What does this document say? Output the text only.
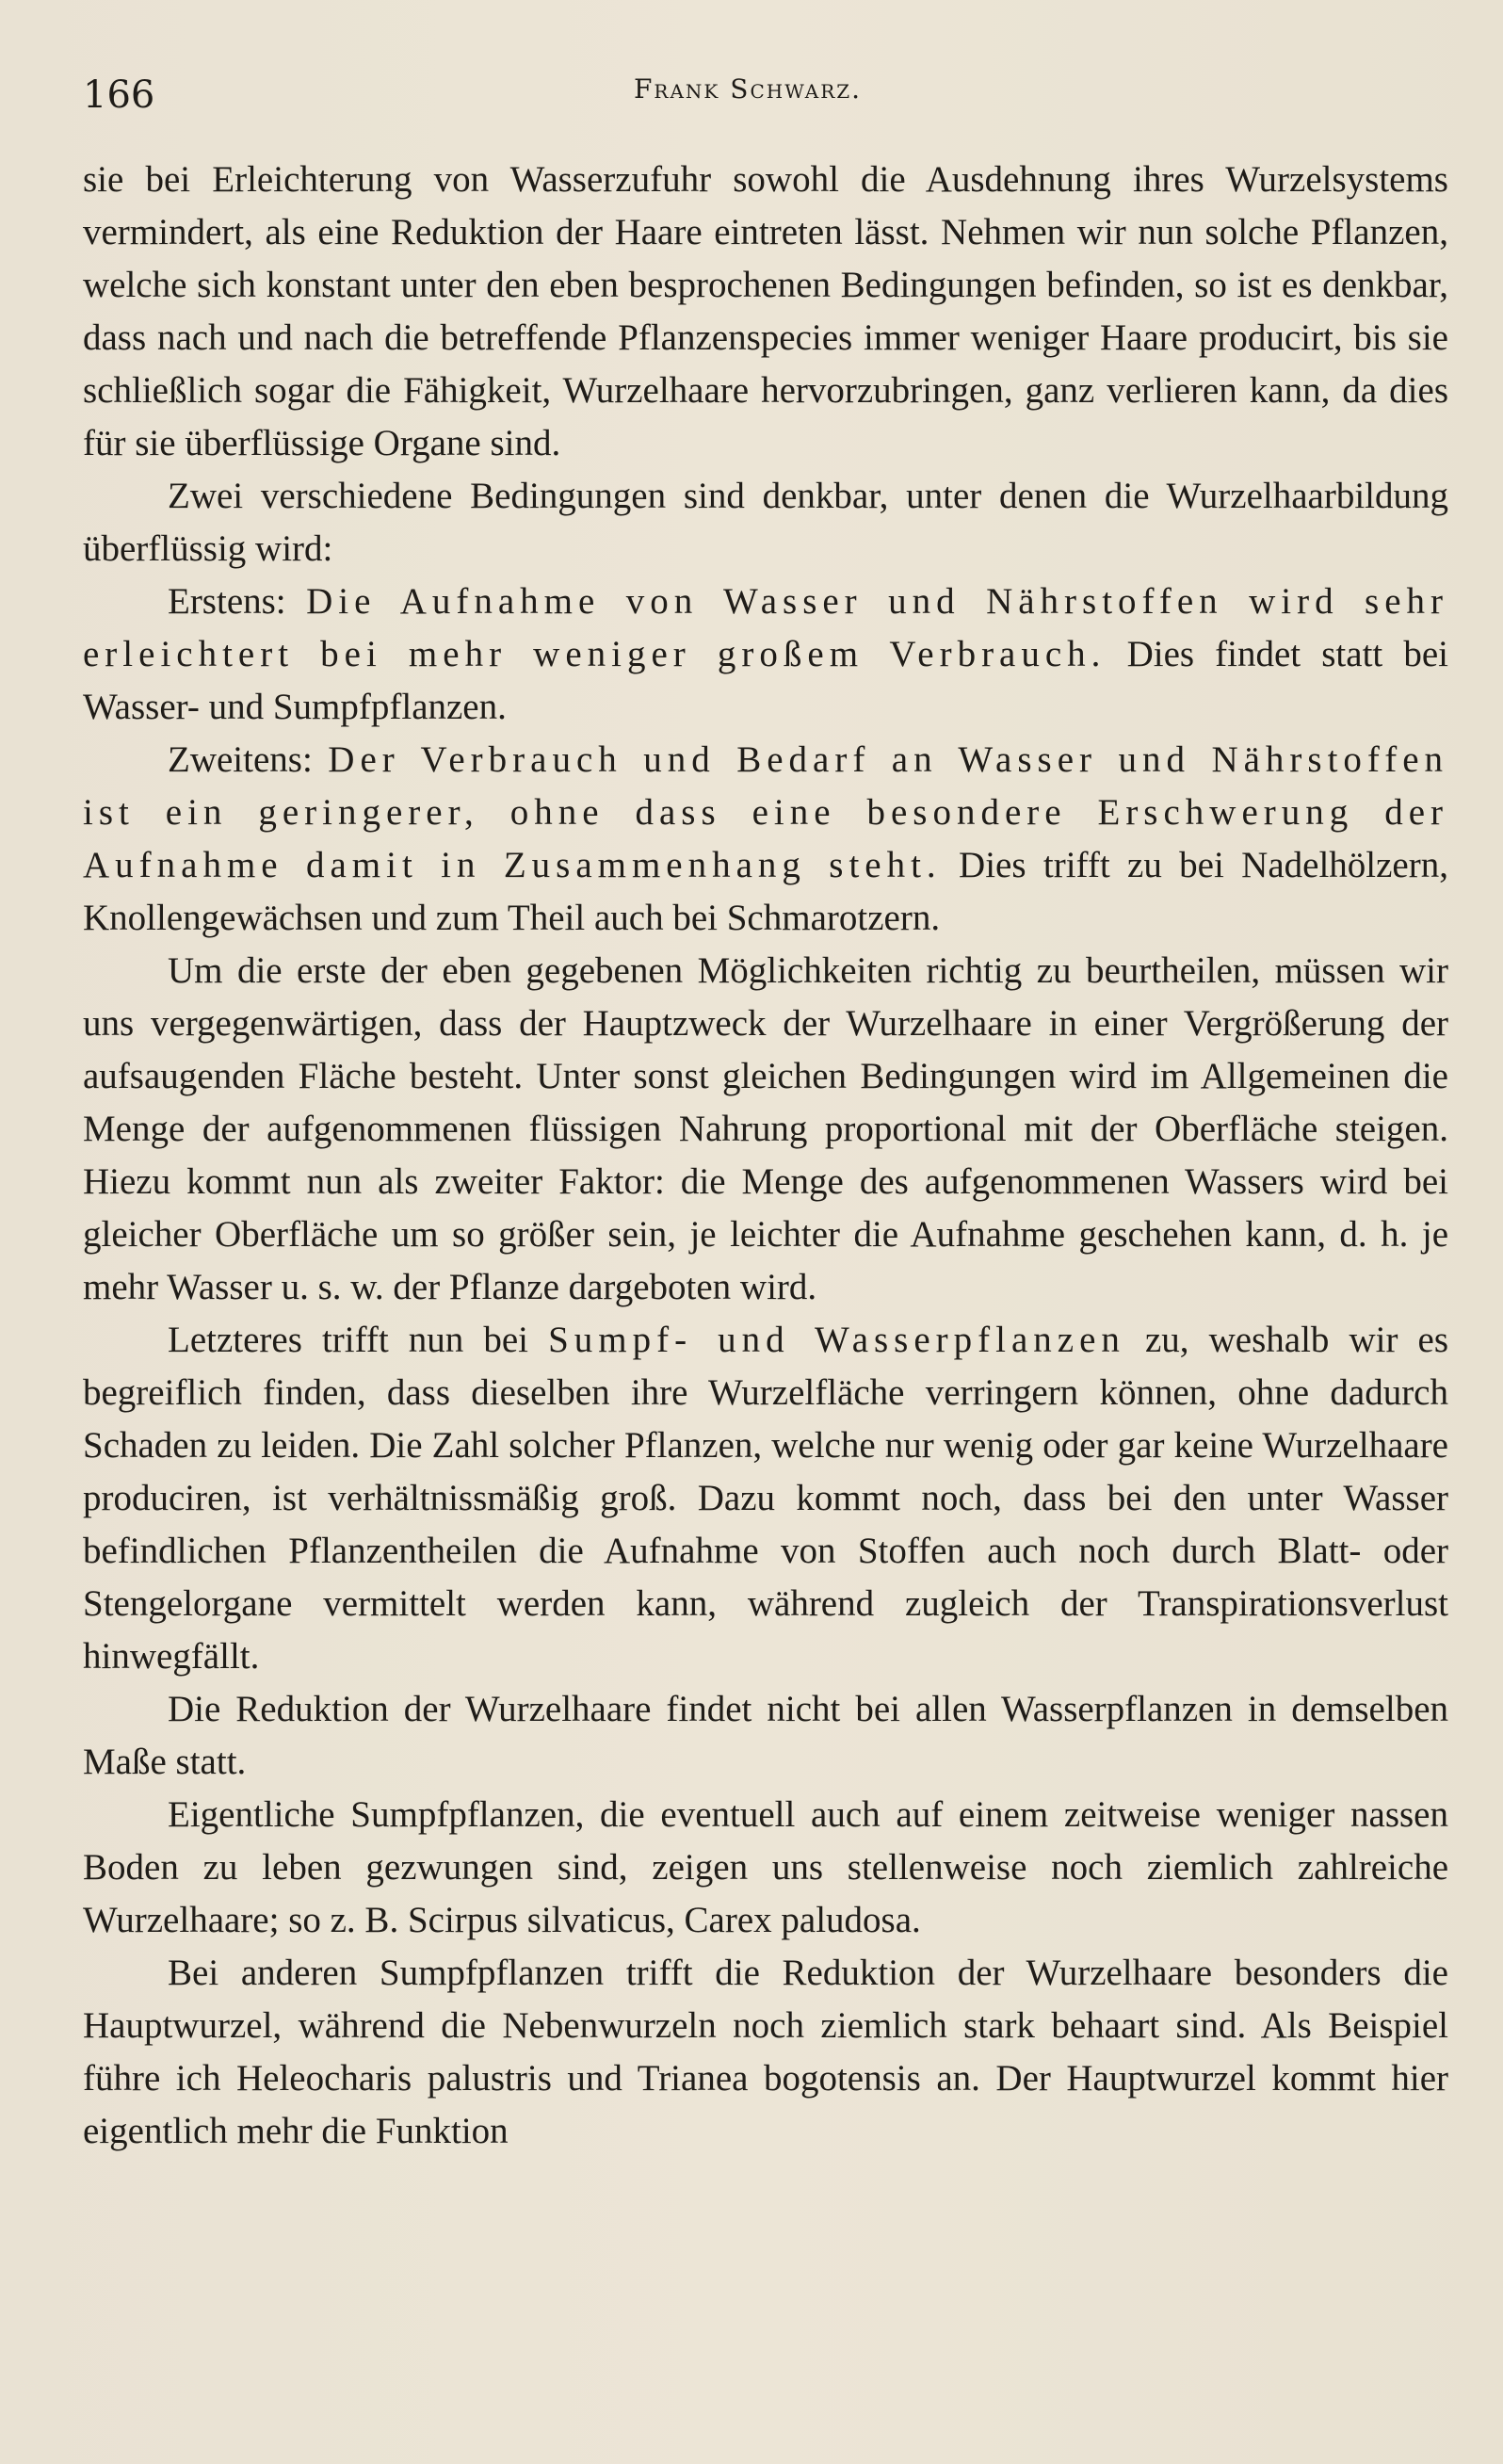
166	Frank Schwarz.

sie bei Erleichterung von Wasserzufuhr sowohl die Ausdehnung ihres Wurzelsystems vermindert, als eine Reduktion der Haare eintreten lässt. Nehmen wir nun solche Pflanzen, welche sich konstant unter den eben besprochenen Bedingungen befinden, so ist es denkbar, dass nach und nach die betreffende Pflanzenspecies immer weniger Haare producirt, bis sie schließlich sogar die Fähigkeit, Wurzelhaare hervorzubringen, ganz verlieren kann, da dies für sie überflüssige Organe sind.

Zwei verschiedene Bedingungen sind denkbar, unter denen die Wurzelhaarbildung überflüssig wird:

Erstens: Die Aufnahme von Wasser und Nährstoffen wird sehr erleichtert bei mehr weniger großem Verbrauch. Dies findet statt bei Wasser- und Sumpfpflanzen.

Zweitens: Der Verbrauch und Bedarf an Wasser und Nährstoffen ist ein geringerer, ohne dass eine besondere Erschwerung der Aufnahme damit in Zusammenhang steht. Dies trifft zu bei Nadelhölzern, Knollengewächsen und zum Theil auch bei Schmarotzern.

Um die erste der eben gegebenen Möglichkeiten richtig zu beurtheilen, müssen wir uns vergegenwärtigen, dass der Hauptzweck der Wurzelhaare in einer Vergrößerung der aufsaugenden Fläche besteht. Unter sonst gleichen Bedingungen wird im Allgemeinen die Menge der aufgenommenen flüssigen Nahrung proportional mit der Oberfläche steigen. Hiezu kommt nun als zweiter Faktor: die Menge des aufgenommenen Wassers wird bei gleicher Oberfläche um so größer sein, je leichter die Aufnahme geschehen kann, d. h. je mehr Wasser u. s. w. der Pflanze dargeboten wird.

Letzteres trifft nun bei Sumpf- und Wasserpflanzen zu, weshalb wir es begreiflich finden, dass dieselben ihre Wurzelfläche verringern können, ohne dadurch Schaden zu leiden. Die Zahl solcher Pflanzen, welche nur wenig oder gar keine Wurzelhaare produciren, ist verhältnissmäßig groß. Dazu kommt noch, dass bei den unter Wasser befindlichen Pflanzentheilen die Aufnahme von Stoffen auch noch durch Blatt- oder Stengelorgane vermittelt werden kann, während zugleich der Transpirationsverlust hinwegfällt.

Die Reduktion der Wurzelhaare findet nicht bei allen Wasserpflanzen in demselben Maße statt.

Eigentliche Sumpfpflanzen, die eventuell auch auf einem zeitweise weniger nassen Boden zu leben gezwungen sind, zeigen uns stellenweise noch ziemlich zahlreiche Wurzelhaare; so z. B. Scirpus silvaticus, Carex paludosa.

Bei anderen Sumpfpflanzen trifft die Reduktion der Wurzelhaare besonders die Hauptwurzel, während die Nebenwurzeln noch ziemlich stark behaart sind. Als Beispiel führe ich Heleocharis palustris und Trianea bogotensis an. Der Hauptwurzel kommt hier eigentlich mehr die Funktion
